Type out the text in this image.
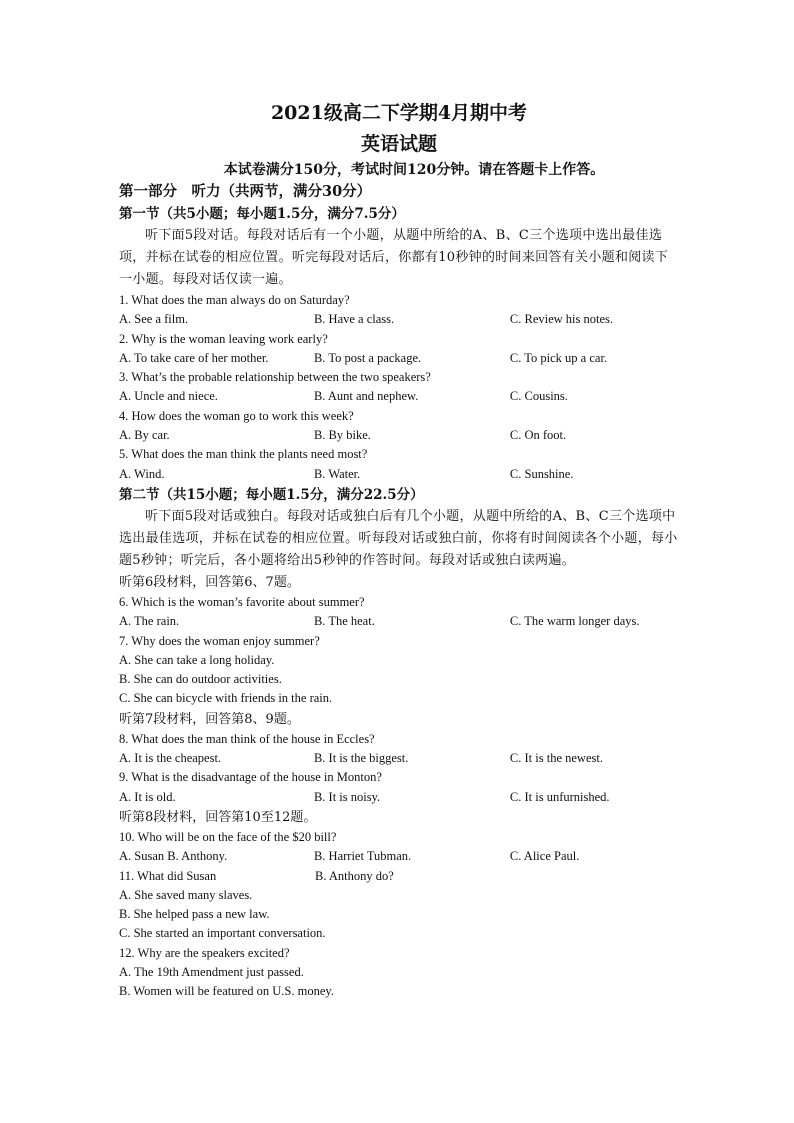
2021级高二下学期4月期中考
英语试题
本试卷满分150分，考试时间120分钟。请在答题卡上作答。
第一部分　听力（共两节，满分30分）
第一节（共5小题；每小题1.5分，满分7.5分）
听下面5段对话。每段对话后有一个小题，从题中所给的A、B、C三个选项中选出最佳选项，并标在试卷的相应位置。听完每段对话后，你都有10秒钟的时间来回答有关小题和阅读下一小题。每段对话仅读一遍。
1. What does the man always do on Saturday?
A. See a film.	B. Have a class.	C. Review his notes.
2. Why is the woman leaving work early?
A. To take care of her mother.	B. To post a package.	C. To pick up a car.
3. What’s the probable relationship between the two speakers?
A. Uncle and niece.	B. Aunt and nephew.	C. Cousins.
4. How does the woman go to work this week?
A. By car.	B. By bike.	C. On foot.
5. What does the man think the plants need most?
A. Wind.	B. Water.	C. Sunshine.
第二节（共15小题；每小题1.5分，满分22.5分）
听下面5段对话或独白。每段对话或独白后有几个小题，从题中所给的A、B、C三个选项中选出最佳选项，并标在试卷的相应位置。听每段对话或独白前，你将有时间阅读各个小题，每小题5秒钟；听完后，各小题将给出5秒钟的作答时间。每段对话或独白读两遍。
听第6段材料，回答第6、7题。
6. Which is the woman’s favorite about summer?
A. The rain.	B. The heat.	C. The warm longer days.
7. Why does the woman enjoy summer?
A. She can take a long holiday.
B. She can do outdoor activities.
C. She can bicycle with friends in the rain.
听第7段材料，回答第8、9题。
8. What does the man think of the house in Eccles?
A. It is the cheapest.	B. It is the biggest.	C. It is the newest.
9. What is the disadvantage of the house in Monton?
A. It is old.	B. It is noisy.	C. It is unfurnished.
听第8段材料，回答第10至12题。
10. Who will be on the face of the $20 bill?
A. Susan B. Anthony.	B. Harriet Tubman.	C. Alice Paul.
11. What did Susan	B. Anthony do?
A. She saved many slaves.
B. She helped pass a new law.
C. She started an important conversation.
12. Why are the speakers excited?
A. The 19th Amendment just passed.
B. Women will be featured on U.S. money.
